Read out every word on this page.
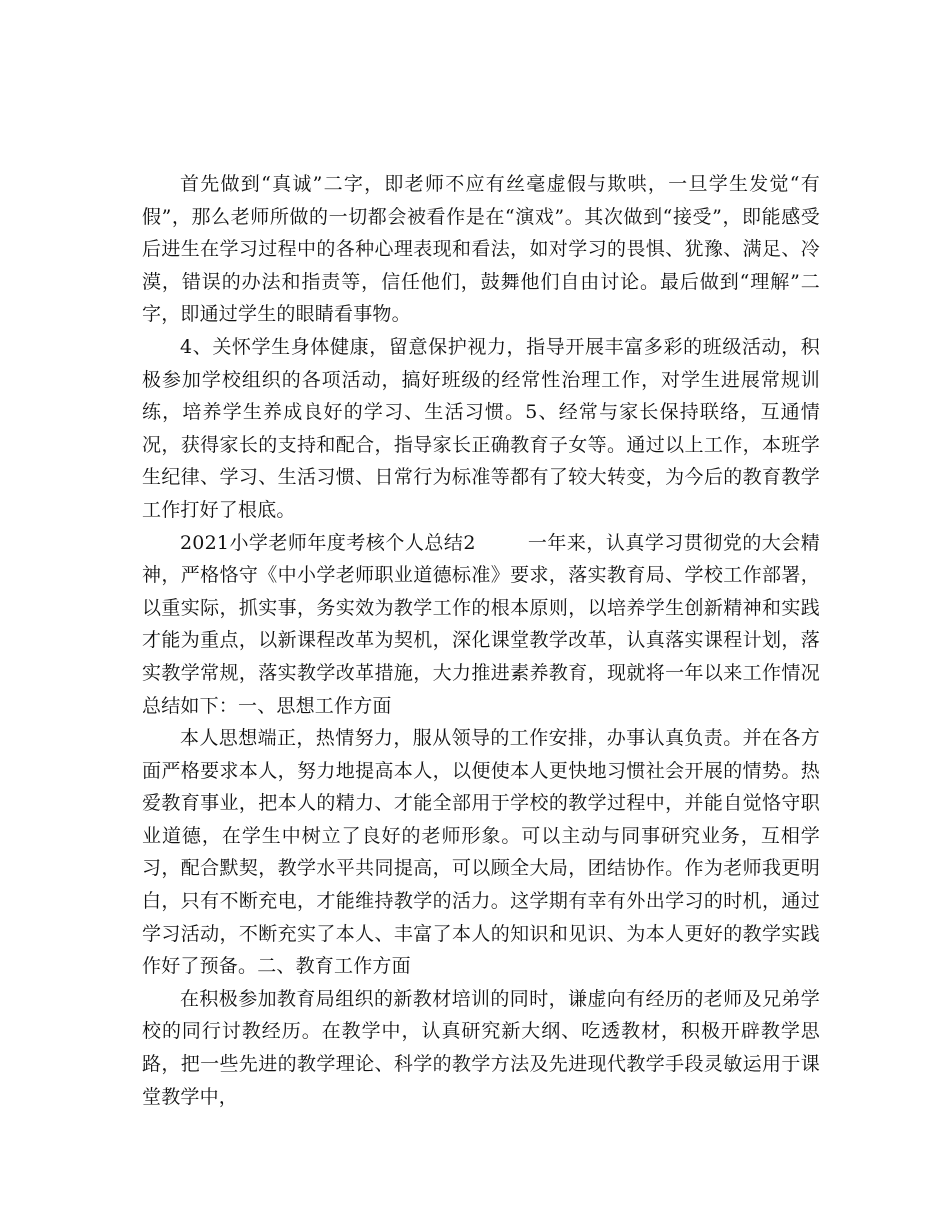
首先做到“真诚”二字，即老师不应有丝毫虚假与欺哄，一旦学生发觉“有假”，那么老师所做的一切都会被看作是在“演戏”。其次做到“接受”，即能感受后进生在学习过程中的各种心理表现和看法，如对学习的畏惧、犹豫、满足、冷漠，错误的办法和指责等，信任他们，鼓舞他们自由讨论。最后做到“理解”二字，即通过学生的眼睛看事物。

4、关怀学生身体健康，留意保护视力，指导开展丰富多彩的班级活动，积极参加学校组织的各项活动，搞好班级的经常性治理工作，对学生进展常规训练，培养学生养成良好的学习、生活习惯。5、经常与家长保持联络，互通情况，获得家长的支持和配合，指导家长正确教育子女等。通过以上工作，本班学生纪律、学习、生活习惯、日常行为标准等都有了较大转变，为今后的教育教学工作打好了根底。

2021小学老师年度考核个人总结2	一年来，认真学习贯彻党的大会精神，严格恪守《中小学老师职业道德标准》要求，落实教育局、学校工作部署，以重实际，抓实事，务实效为教学工作的根本原则，以培养学生创新精神和实践才能为重点，以新课程改革为契机，深化课堂教学改革，认真落实课程计划，落实教学常规，落实教学改革措施，大力推进素养教育，现就将一年以来工作情况总结如下：一、思想工作方面

本人思想端正，热情努力，服从领导的工作安排，办事认真负责。并在各方面严格要求本人，努力地提高本人，以便使本人更快地习惯社会开展的情势。热爱教育事业，把本人的精力、才能全部用于学校的教学过程中，并能自觉恪守职业道德，在学生中树立了良好的老师形象。可以主动与同事研究业务，互相学习，配合默契，教学水平共同提高，可以顾全大局，团结协作。作为老师我更明白，只有不断充电，才能维持教学的活力。这学期有幸有外出学习的时机，通过学习活动，不断充实了本人、丰富了本人的知识和见识、为本人更好的教学实践作好了预备。二、教育工作方面

在积极参加教育局组织的新教材培训的同时，谦虚向有经历的老师及兄弟学校的同行讨教经历。在教学中，认真研究新大纲、吃透教材，积极开辟教学思路，把一些先进的教学理论、科学的教学方法及先进现代教学手段灵敏运用于课堂教学中，
